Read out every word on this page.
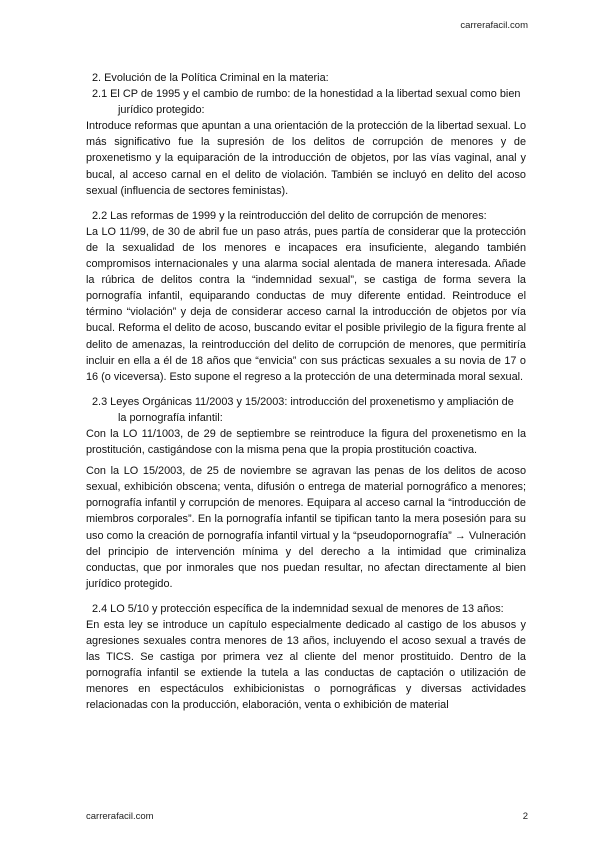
carrerafacil.com

2. Evolución de la Política Criminal en la materia:

2.1 El CP de 1995 y el cambio de rumbo: de la honestidad a la libertad sexual como bien

jurídico protegido:

Introduce reformas que apuntan a una orientación de la protección de la libertad sexual. Lo más significativo fue la supresión de los delitos de corrupción de menores y de proxenetismo y la equiparación de la introducción de objetos, por las vías vaginal, anal y bucal, al acceso carnal en el delito de violación. También se incluyó en delito del acoso sexual (influencia de sectores feministas).

2.2 Las reformas de 1999 y la reintroducción del delito de corrupción de menores:

La LO 11/99, de 30 de abril fue un paso atrás, pues partía de considerar que la protección de la sexualidad de los menores e incapaces era insuficiente, alegando también compromisos internacionales y una alarma social alentada de manera interesada. Añade la rúbrica de delitos contra la “indemnidad sexual”, se castiga de forma severa la pornografía infantil, equiparando conductas de muy diferente entidad. Reintroduce el término “violación” y deja de considerar acceso carnal la introducción de objetos por vía bucal. Reforma el delito de acoso, buscando evitar el posible privilegio de la figura frente al delito de amenazas, la reintroducción del delito de corrupción de menores, que permitiría incluir en ella a él de 18 años que “envicia” con sus prácticas sexuales a su novia de 17 o 16 (o viceversa). Esto supone el regreso a la protección de una determinada moral sexual.

2.3 Leyes Orgánicas 11/2003 y 15/2003: introducción del proxenetismo y ampliación de

la pornografía infantil:

Con la LO 11/1003, de 29 de septiembre se reintroduce la figura del proxenetismo en la prostitución, castigándose con la misma pena que la propia prostitución coactiva.

Con la LO 15/2003, de 25 de noviembre se agravan las penas de los delitos de acoso sexual, exhibición obscena; venta, difusión o entrega de material pornográfico a menores; pornografía infantil y corrupción de menores. Equipara al acceso carnal la “introducción de miembros corporales”. En la pornografía infantil se tipifican tanto la mera posesión para su uso como la creación de pornografía infantil virtual y la “pseudopornografía” → Vulneración del principio de intervención mínima y del derecho a la intimidad que criminaliza conductas, que por inmorales que nos puedan resultar, no afectan directamente al bien jurídico protegido.

2.4 LO 5/10 y protección específica de la indemnidad sexual de menores de 13 años:

En esta ley se introduce un capítulo especialmente dedicado al castigo de los abusos y agresiones sexuales contra menores de 13 años, incluyendo el acoso sexual a través de las TICS. Se castiga por primera vez al cliente del menor prostituido. Dentro de la pornografía infantil se extiende la tutela a las conductas de captación o utilización de menores en espectáculos exhibicionistas o pornográficas y diversas actividades relacionadas con la producción, elaboración, venta o exhibición de material

carrerafacil.com	2
